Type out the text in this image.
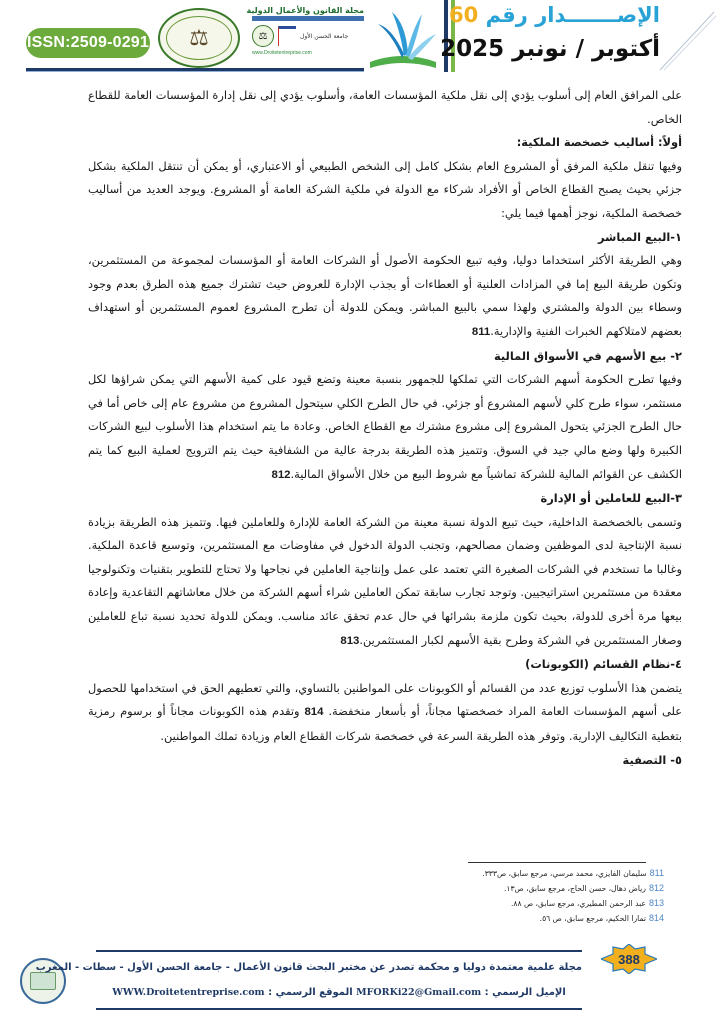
ISSN:2509-0291 ⚖
مجلة القانون والأعمال الدولية
⚖	جامعة الحسن الأول
www.Droitetentreprise.com
الإصـــــــدار رقم 60
أكتوبر / نونبر 2025

على المرافق العام إلى أسلوب يؤدي إلى نقل ملكية المؤسسات العامة، وأسلوب يؤدي إلى نقل إدارة المؤسسات العامة للقطاع الخاص.

أولاً: أساليب خصخصة الملكية:

وفيها تنقل ملكية المرفق أو المشروع العام بشكل كامل إلى الشخص الطبيعي أو الاعتباري، أو يمكن أن تنتقل الملكية بشكل جزئي بحيث يصبح القطاع الخاص أو الأفراد شركاء مع الدولة في ملكية الشركة العامة أو المشروع. ويوجد العديد من أساليب خصخصة الملكية، نوجز أهمها فيما يلي:

١-البيع المباشر

وهي الطريقة الأكثر استخداما دوليا، وفيه تبيع الحكومة الأصول أو الشركات العامة أو المؤسسات لمجموعة من المستثمرين، وتكون طريقة البيع إما في المزادات العلنية أو العطاءات أو بجذب الإدارة للعروض حيث تشترك جميع هذه الطرق بعدم وجود وسطاء بين الدولة والمشتري ولهذا سمي بالبيع المباشر. ويمكن للدولة أن تطرح المشروع لعموم المستثمرين أو استهداف بعضهم لامتلاكهم الخبرات الفنية والإدارية.811

٢- بيع الأسهم في الأسواق المالية

وفيها تطرح الحكومة أسهم الشركات التي تملكها للجمهور بنسبة معينة وتضع قيود على كمية الأسهم التي يمكن شراؤها لكل مستثمر، سواء طرح كلي لأسهم المشروع أو جزئي. في حال الطرح الكلي سيتحول المشروع من مشروع عام إلى خاص أما في حال الطرح الجزئي يتحول المشروع إلى مشروع مشترك مع القطاع الخاص. وعادة ما يتم استخدام هذا الأسلوب لبيع الشركات الكبيرة ولها وضع مالي جيد في السوق. وتتميز هذه الطريقة بدرجة عالية من الشفافية حيث يتم الترويج لعملية البيع كما يتم الكشف عن القوائم المالية للشركة تماشياً مع شروط البيع من خلال الأسواق المالية.812

٣-البيع للعاملين أو الإدارة

وتسمى بالخصخصة الداخلية، حيث تبيع الدولة نسبة معينة من الشركة العامة للإدارة وللعاملين فيها. وتتميز هذه الطريقة بزيادة نسبة الإنتاجية لدى الموظفين وضمان مصالحهم، وتجنب الدولة الدخول في مفاوضات مع المستثمرين، وتوسيع قاعدة الملكية. وغالبا ما تستخدم في الشركات الصغيرة التي تعتمد على عمل وإنتاجية العاملين في نجاحها ولا تحتاج للتطوير بتقنيات وتكنولوجيا معقدة من مستثمرين استراتيجيين. وتوجد تجارب سابقة تمكن العاملين شراء أسهم الشركة من خلال معاشاتهم التقاعدية وإعادة بيعها مرة أخرى للدولة، بحيث تكون ملزمة بشرائها في حال عدم تحقق عائد مناسب. ويمكن للدولة تحديد نسبة تباع للعاملين وصغار المستثمرين في الشركة وطرح بقية الأسهم لكبار المستثمرين.813

٤-نظام القسائم (الكوبونات)

يتضمن هذا الأسلوب توزيع عدد من القسائم أو الكوبونات على المواطنين بالتساوي، والتي تعطيهم الحق في استخدامها للحصول على أسهم المؤسسات العامة المراد خصخصتها مجاناً، أو بأسعار منخفضة. 814 وتقدم هذه الكوبونات مجاناً أو برسوم رمزية بتغطية التكاليف الإدارية. وتوفر هذه الطريقة السرعة في خصخصة شركات القطاع العام وزيادة تملك المواطنين.

٥- التصفية

811سليمان الفايزي، محمد مرسي، مرجع سابق، ص٣٣٣.
812رياض دهال، حسن الحاج، مرجع سابق، ص١٣.
813عبد الرحمن المطيري، مرجع سابق، ص ٨٨.
814تمارا الحكيم، مرجع سابق، ص ٥٦.
مجلة علمية معتمدة دوليا و محكمة تصدر عن مختبر البحث قانون الأعمال - جامعة الحسن الأول - سطات - المغرب
الإميل الرسمي : MFORKi22@Gmail.com الموقع الرسمي : WWW.Droitetentreprise.com
388
